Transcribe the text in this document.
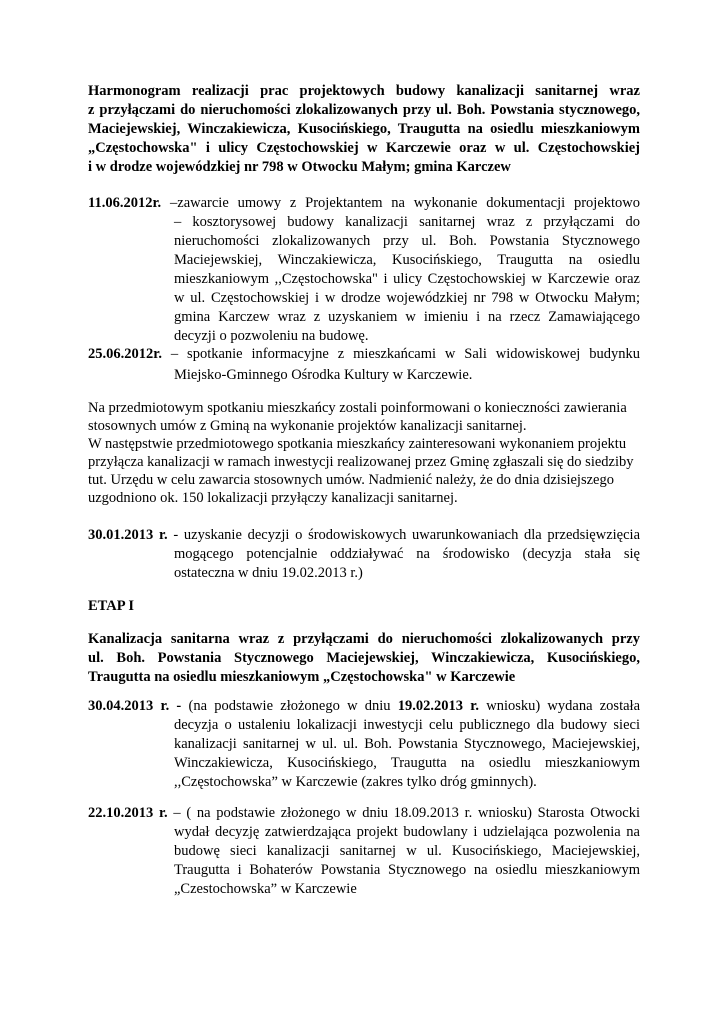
Harmonogram realizacji prac projektowych budowy kanalizacji sanitarnej wraz
z przyłączami do nieruchomości zlokalizowanych przy ul. Boh. Powstania stycznowego,
Maciejewskiej, Winczakiewicza, Kusocińskiego, Traugutta na osiedlu mieszkaniowym
„Częstochowska" i ulicy Częstochowskiej w Karczewie oraz w ul. Częstochowskiej
i w drodze wojewódzkiej nr 798 w Otwocku Małym; gmina Karczew
11.06.2012r. –zawarcie umowy z Projektantem na wykonanie dokumentacji projektowo
– kosztorysowej budowy kanalizacji sanitarnej wraz z przyłączami do
nieruchomości zlokalizowanych przy ul. Boh. Powstania Stycznowego
Maciejewskiej, Winczakiewicza, Kusocińskiego, Traugutta na osiedlu
mieszkaniowym ,,Częstochowska" i ulicy Częstochowskiej w Karczewie oraz
w ul. Częstochowskiej i w drodze wojewódzkiej nr 798 w Otwocku Małym;
gmina Karczew wraz z uzyskaniem w imieniu i na rzecz Zamawiającego
decyzji o pozwoleniu na budowę.
25.06.2012r. – spotkanie informacyjne z mieszkańcami w Sali widowiskowej budynku
Miejsko-Gminnego Ośrodka Kultury w Karczewie.
Na przedmiotowym spotkaniu mieszkańcy zostali poinformowani o konieczności zawierania
stosownych umów z Gminą na wykonanie projektów kanalizacji sanitarnej.
W następstwie przedmiotowego spotkania mieszkańcy zainteresowani wykonaniem projektu
przyłącza kanalizacji w ramach inwestycji realizowanej przez Gminę zgłaszali się do siedziby
tut. Urzędu w celu zawarcia stosownych umów. Nadmienić należy, że do dnia dzisiejszego
uzgodniono ok. 150 lokalizacji przyłączy kanalizacji sanitarnej.
30.01.2013 r. - uzyskanie decyzji o środowiskowych uwarunkowaniach dla przedsięwzięcia
mogącego potencjalnie oddziaływać na środowisko (decyzja stała się
ostateczna w dniu 19.02.2013 r.)
ETAP I
Kanalizacja sanitarna wraz z przyłączami do nieruchomości zlokalizowanych przy
ul. Boh. Powstania Stycznowego Maciejewskiej, Winczakiewicza, Kusocińskiego,
Traugutta na osiedlu mieszkaniowym „Częstochowska" w Karczewie
30.04.2013 r. - (na podstawie złożonego w dniu 19.02.2013 r. wniosku) wydana została
decyzja o ustaleniu lokalizacji inwestycji celu publicznego dla budowy sieci
kanalizacji sanitarnej w ul. ul. Boh. Powstania Stycznowego, Maciejewskiej,
Winczakiewicza, Kusocińskiego, Traugutta na osiedlu mieszkaniowym
,,Częstochowska” w Karczewie (zakres tylko dróg gminnych).
22.10.2013 r. – ( na podstawie złożonego w dniu 18.09.2013 r. wniosku) Starosta Otwocki
wydał decyzję zatwierdzająca projekt budowlany i udzielająca pozwolenia na
budowę sieci kanalizacji sanitarnej w ul. Kusocińskiego, Maciejewskiej,
Traugutta i Bohaterów Powstania Stycznowego na osiedlu mieszkaniowym
„Czestochowska” w Karczewie
